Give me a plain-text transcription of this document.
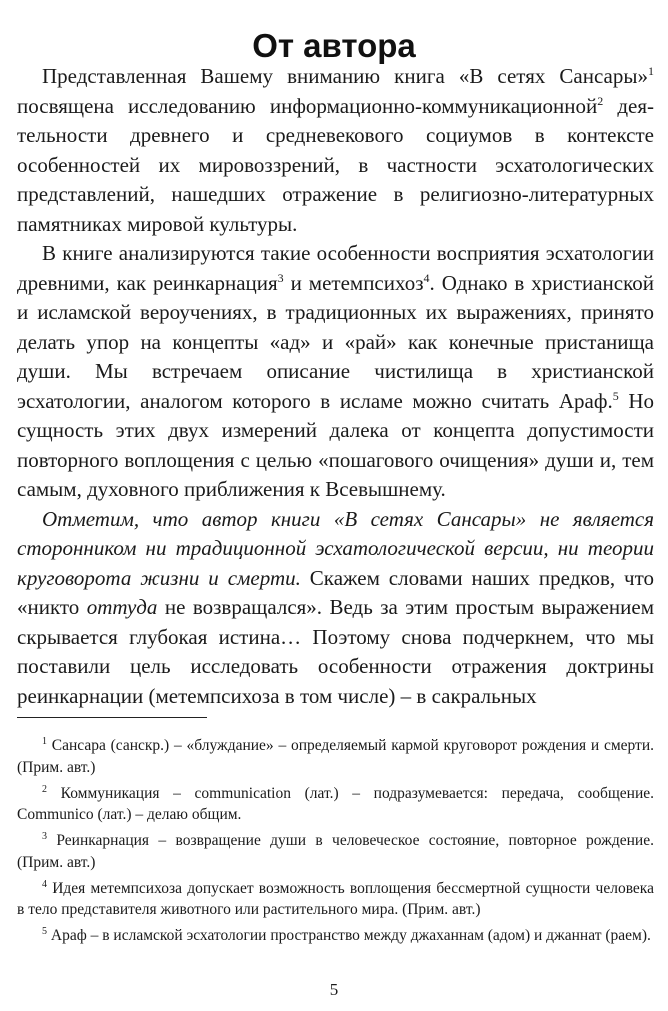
От автора

Представленная Вашему вниманию книга «В сетях Сансары»$^1$ посвящена исследованию информационно-коммуникационной$^2$ деятельности древнего и средневекового социумов в контексте особенностей их мировоззрений, в частности эсхатологических представлений, нашедших отражение в религиозно-литературных памятниках мировой культуры.

В книге анализируются такие особенности восприятия эсхатологии древними, как реинкарнация$^3$ и метемпсихоз$^4$. Однако в христианской и исламской вероучениях, в традиционных их выражениях, принято делать упор на концепты «ад» и «рай» как конечные пристанища души. Мы встречаем описание чистилища в христианской эсхатологии, аналогом которого в исламе можно считать Араф.$^5$ Но сущность этих двух измерений далека от концепта допустимости повторного воплощения с целью «пошагового очищения» души и, тем самым, духовного приближения к Всевышнему.

Отметим, что автор книги «В сетях Сансары» не является сторонником ни традиционной эсхатологической версии, ни теории круговорота жизни и смерти. Скажем словами наших предков, что «никто оттуда не возвращался». Ведь за этим простым выражением скрывается глубокая истина… Поэтому снова подчеркнем, что мы поставили цель исследовать особенности отражения доктрины реинкарнации (метемпсихоза в том числе) – в сакральных

$^1$ Сансара (санскр.) – «блуждание» – определяемый кармой круговорот рождения и смерти. (Прим. авт.)

$^2$ Коммуникация – communication (лат.) – подразумевается: передача, сообщение. Communico (лат.) – делаю общим.

$^3$ Реинкарнация – возвращение души в человеческое состояние, повторное рождение. (Прим. авт.)

$^4$ Идея метемпсихоза допускает возможность воплощения бессмертной сущности человека в тело представителя животного или растительного мира. (Прим. авт.)

$^5$ Араф – в исламской эсхатологии пространство между джаханнам (адом) и джаннат (раем).

5
